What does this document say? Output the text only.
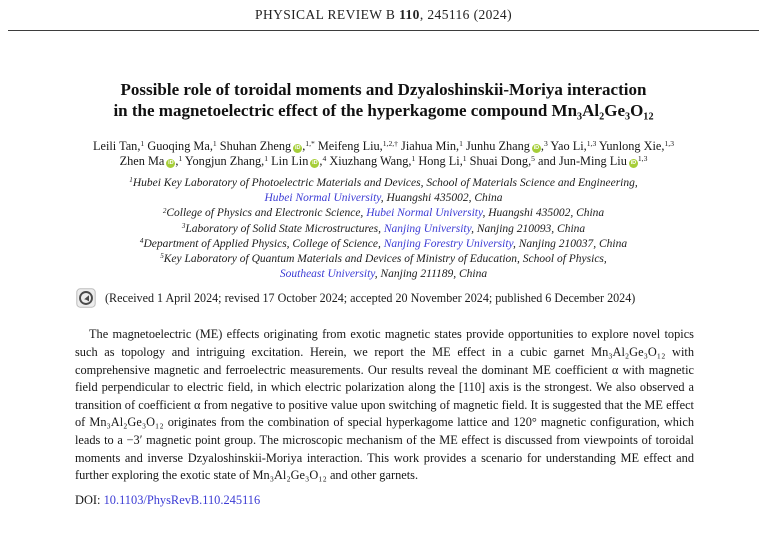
PHYSICAL REVIEW B 110, 245116 (2024)
Possible role of toroidal moments and Dzyaloshinskii-Moriya interaction
in the magnetoelectric effect of the hyperkagome compound Mn₃Al₂Ge₃O₁₂
Leili Tan,$^1$ Guoqing Ma,$^1$ Shuhan Zheng iD ,$^{1,*}$ Meifeng Liu,$^{1,2,\dagger}$ Jiahua Min,$^1$ Junhu Zhang iD ,$^3$ Yao Li,$^{1,3}$ Yunlong Xie,$^{1,3}$
Zhen Ma iD ,$^1$ Yongjun Zhang,$^1$ Lin Lin iD ,$^4$ Xiuzhang Wang,$^1$ Hong Li,$^1$ Shuai Dong,$^5$ and Jun-Ming Liu iD $^{1,3}$
$^1$Hubei Key Laboratory of Photoelectric Materials and Devices, School of Materials Science and Engineering,
Hubei Normal University, Huangshi 435002, China
$^2$College of Physics and Electronic Science, Hubei Normal University, Huangshi 435002, China
$^3$Laboratory of Solid State Microstructures, Nanjing University, Nanjing 210093, China
$^4$Department of Applied Physics, College of Science, Nanjing Forestry University, Nanjing 210037, China
$^5$Key Laboratory of Quantum Materials and Devices of Ministry of Education, School of Physics,
Southeast University, Nanjing 211189, China
(Received 1 April 2024; revised 17 October 2024; accepted 20 November 2024; published 6 December 2024)

The magnetoelectric (ME) effects originating from exotic magnetic states provide opportunities to explore novel topics such as topology and intriguing excitation. Herein, we report the ME effect in a cubic garnet Mn₃Al₂Ge₃O₁₂ with comprehensive magnetic and ferroelectric measurements. Our results reveal the dominant ME coefficient α with magnetic field perpendicular to electric field, in which electric polarization along the [110] axis is the strongest. We also observed a transition of coefficient α from negative to positive value upon switching of magnetic field. It is suggested that the ME effect of Mn₃Al₂Ge₃O₁₂ originates from the combination of special hyperkagome lattice and 120° magnetic configuration, which leads to a −3′ magnetic point group. The microscopic mechanism of the ME effect is discussed from viewpoints of toroidal moments and inverse Dzyaloshinskii-Moriya interaction. This work provides a scenario for understanding ME effect and further exploring the exotic state of Mn₃Al₂Ge₃O₁₂ and other garnets.

DOI: 10.1103/PhysRevB.110.245116
